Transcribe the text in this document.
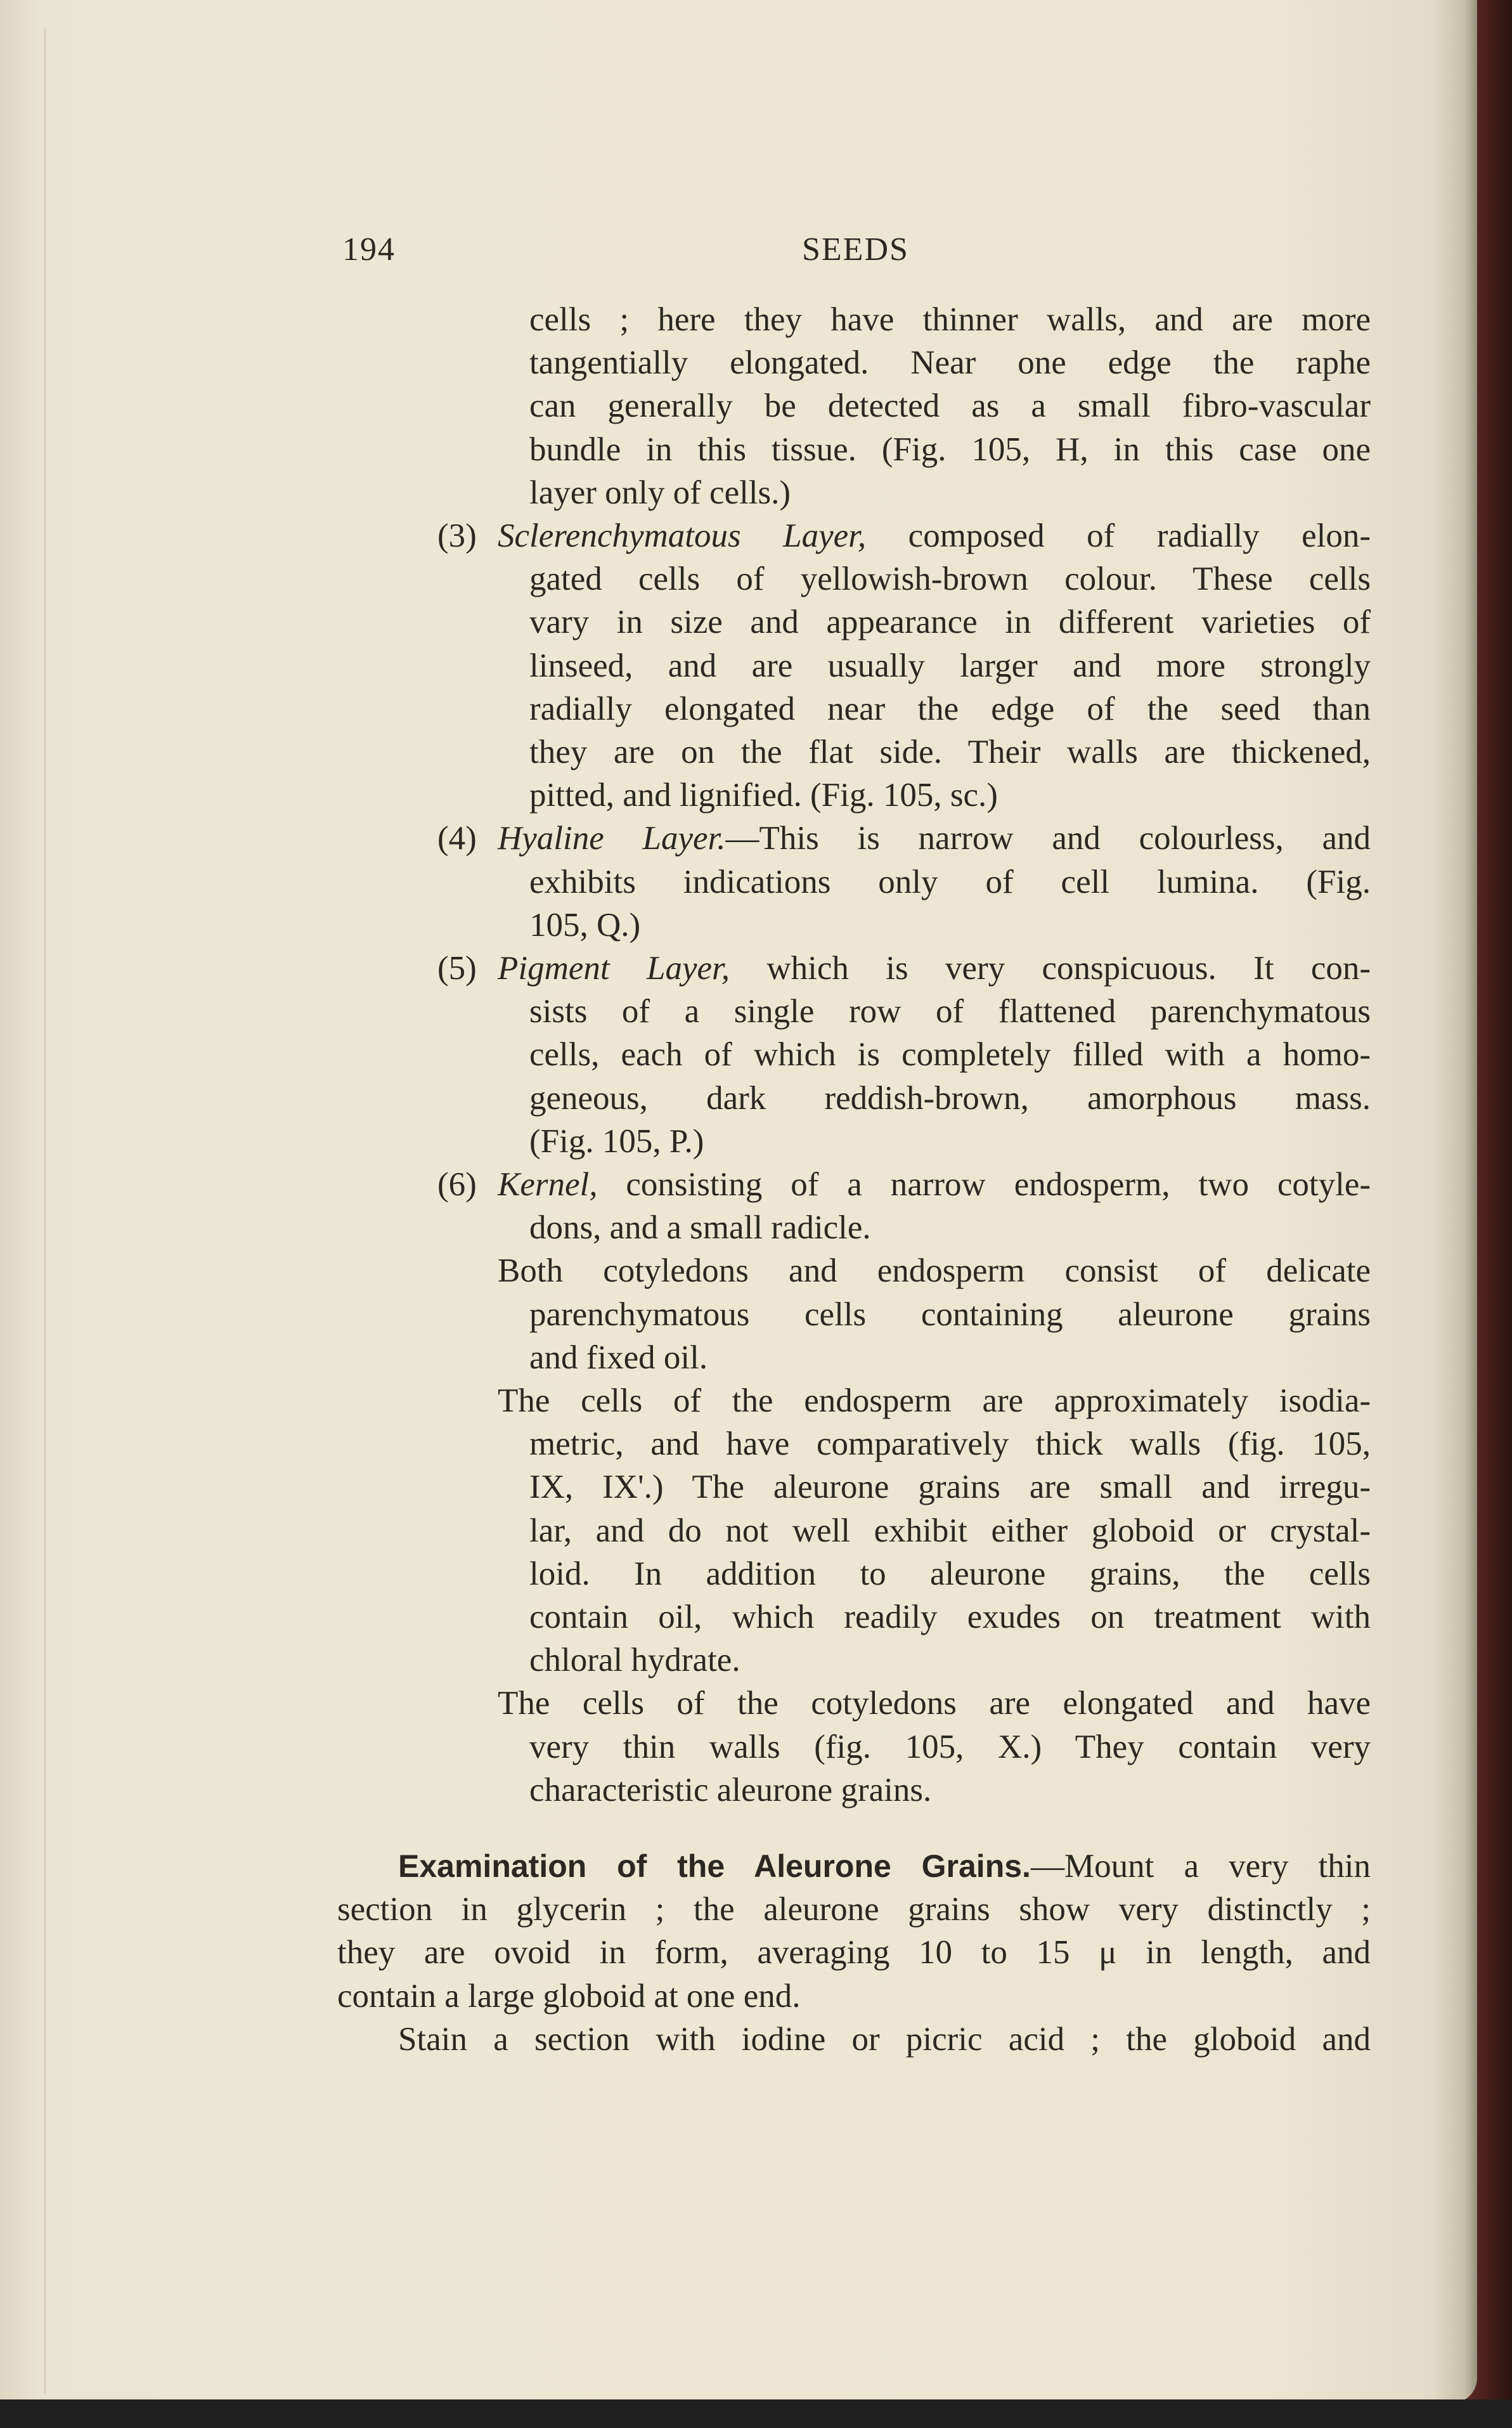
194	SEEDS
cells ; here they have thinner walls, and are more
tangentially elongated. Near one edge the raphe
can generally be detected as a small fibro-vascular
bundle in this tissue. (Fig. 105, H, in this case one
layer only of cells.)
(3) Sclerenchymatous Layer, composed of radially elon-
gated cells of yellowish-brown colour. These cells
vary in size and appearance in different varieties of
linseed, and are usually larger and more strongly
radially elongated near the edge of the seed than
they are on the flat side. Their walls are thickened,
pitted, and lignified. (Fig. 105, sc.)
(4) Hyaline Layer.—This is narrow and colourless, and
exhibits indications only of cell lumina. (Fig.
105, Q.)
(5) Pigment Layer, which is very conspicuous. It con-
sists of a single row of flattened parenchymatous
cells, each of which is completely filled with a homo-
geneous, dark reddish-brown, amorphous mass.
(Fig. 105, P.)
(6) Kernel, consisting of a narrow endosperm, two cotyle-
dons, and a small radicle.
Both cotyledons and endosperm consist of delicate
parenchymatous cells containing aleurone grains
and fixed oil.
The cells of the endosperm are approximately isodia-
metric, and have comparatively thick walls (fig. 105,
IX, IX'.) The aleurone grains are small and irregu-
lar, and do not well exhibit either globoid or crystal-
loid. In addition to aleurone grains, the cells
contain oil, which readily exudes on treatment with
chloral hydrate.
The cells of the cotyledons are elongated and have
very thin walls (fig. 105, X.) They contain very
characteristic aleurone grains.
Examination of the Aleurone Grains.—Mount a very thin
section in glycerin ; the aleurone grains show very distinctly ;
they are ovoid in form, averaging 10 to 15 μ in length, and
contain a large globoid at one end.
Stain a section with iodine or picric acid ; the globoid and
